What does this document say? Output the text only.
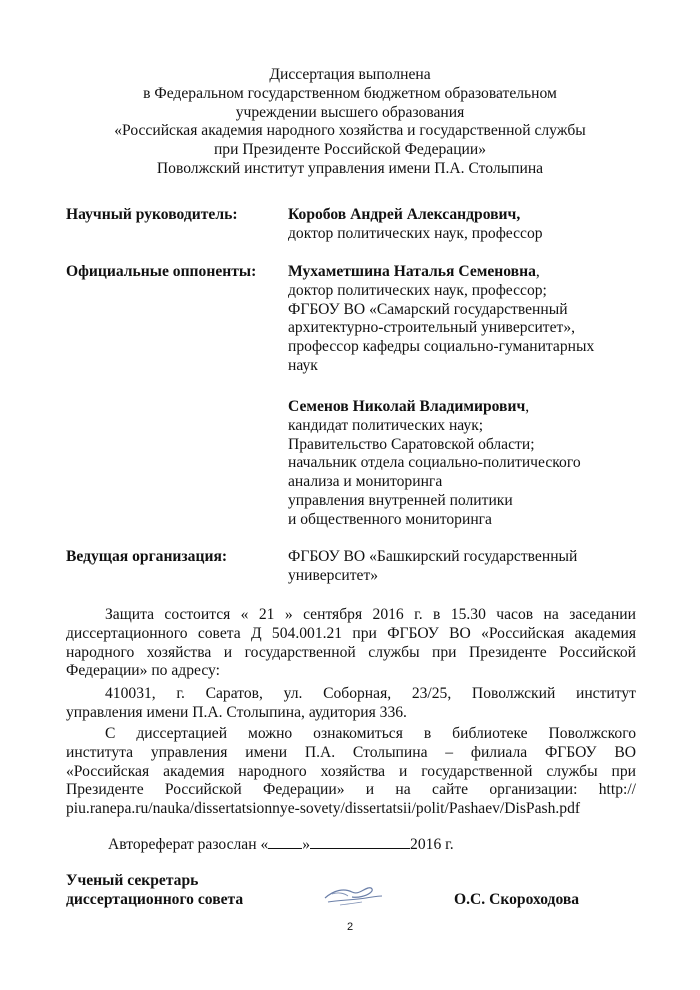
Диссертация выполнена
в Федеральном государственном бюджетном образовательном
учреждении высшего образования
«Российская академия народного хозяйства и государственной службы
при Президенте Российской Федерации»
Поволжский институт управления имени П.А. Столыпина
Научный руководитель:	Коробов Андрей Александрович,
доктор политических наук, профессор
Официальные оппоненты: Мухаметшина Наталья Семеновна,
доктор политических наук, профессор;
ФГБОУ ВО «Самарский государственный
архитектурно-строительный университет»,
профессор кафедры социально-гуманитарных
наук
Семенов Николай Владимирович,
кандидат политических наук;
Правительство Саратовской области;
начальник отдела социально-политического
анализа и мониторинга
управления внутренней политики
и общественного мониторинга
Ведущая организация:	ФГБОУ ВО «Башкирский государственный
университет»
Защита состоится « 21 » сентября 2016 г. в 15.30 часов на заседании
диссертационного совета Д 504.001.21 при ФГБОУ ВО «Российская академия
народного хозяйства и государственной службы при Президенте Российской
Федерации» по адресу:
410031, г. Саратов, ул. Соборная, 23/25, Поволжский институт
управления имени П.А. Столыпина, аудитория 336.
С диссертацией можно ознакомиться в библиотеке Поволжского
института управления имени П.А. Столыпина – филиала ФГБОУ ВО
«Российская академия народного хозяйства и государственной службы при
Президенте Российской Федерации» и на сайте организации: http://
piu.ranepa.ru/nauka/dissertatsionnye-sovety/dissertatsii/polit/Pashaev/DisPash.pdf
Автореферат разослан « »	2016 г.
Ученый секретарь
диссертационного совета	О.С. Скороходова
2
